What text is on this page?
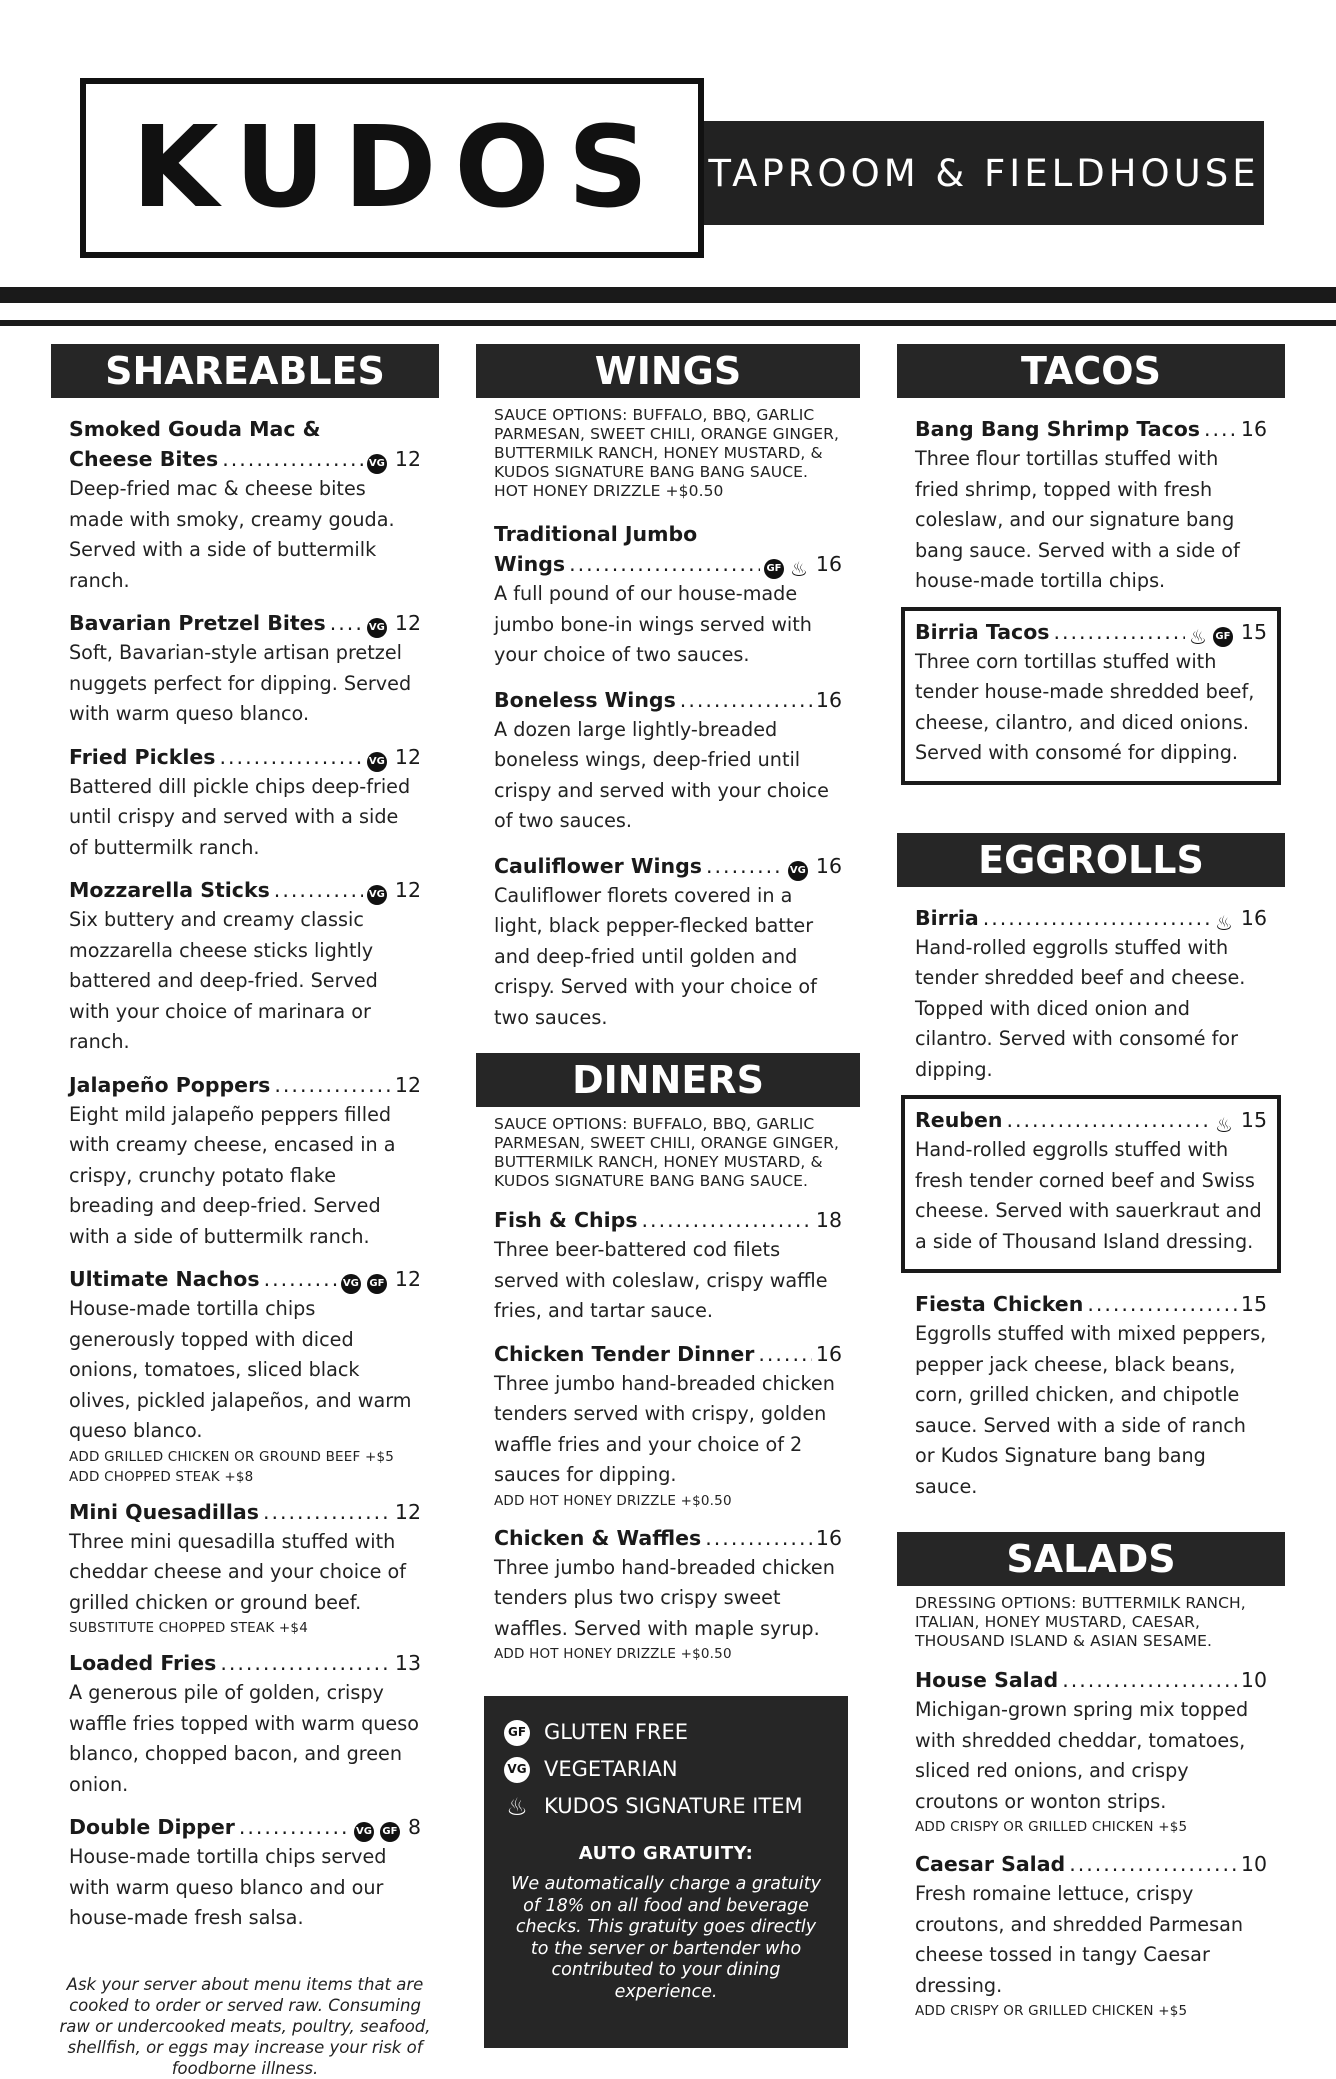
KUDOS TAPROOM & FIELDHOUSE
SHAREABLES
Smoked Gouda Mac &
Cheese Bites .....	VG 12
Deep-fried mac & cheese bites made with smoky, creamy gouda. Served with a side of buttermilk ranch.
Bavarian Pretzel Bites .....	VG 12
Soft, Bavarian-style artisan pretzel nuggets perfect for dipping. Served with warm queso blanco.
Fried Pickles .....	VG 12
Battered dill pickle chips deep-fried until crispy and served with a side of buttermilk ranch.
Mozzarella Sticks .....	VG 12
Six buttery and creamy classic mozzarella cheese sticks lightly battered and deep-fried. Served with your choice of marinara or ranch.
Jalapeño Poppers .....	12
Eight mild jalapeño peppers filled with creamy cheese, encased in a crispy, crunchy potato flake breading and deep-fried. Served with a side of buttermilk ranch.
Ultimate Nachos .....	VG GF 12
House-made tortilla chips generously topped with diced onions, tomatoes, sliced black olives, pickled jalapeños, and warm queso blanco.
ADD GRILLED CHICKEN OR GROUND BEEF +$5
ADD CHOPPED STEAK +$8
Mini Quesadillas .....	12
Three mini quesadilla stuffed with cheddar cheese and your choice of grilled chicken or ground beef.
SUBSTITUTE CHOPPED STEAK +$4
Loaded Fries .....	13
A generous pile of golden, crispy waffle fries topped with warm queso blanco, chopped bacon, and green onion.
Double Dipper .....	VG GF 8
House-made tortilla chips served with warm queso blanco and our house-made fresh salsa.
Ask your server about menu items that are cooked to order or served raw. Consuming raw or undercooked meats, poultry, seafood, shellfish, or eggs may increase your risk of foodborne illness.
WINGS
SAUCE OPTIONS: BUFFALO, BBQ, GARLIC PARMESAN, SWEET CHILI, ORANGE GINGER, BUTTERMILK RANCH, HONEY MUSTARD, & KUDOS SIGNATURE BANG BANG SAUCE.
HOT HONEY DRIZZLE +$0.50
Traditional Jumbo
Wings .....	GF ♨ 16
A full pound of our house-made jumbo bone-in wings served with your choice of two sauces.
Boneless Wings .....	16
A dozen large lightly-breaded boneless wings, deep-fried until crispy and served with your choice of two sauces.
Cauliflower Wings .....	VG 16
Cauliflower florets covered in a light, black pepper-flecked batter and deep-fried until golden and crispy. Served with your choice of two sauces.
DINNERS
SAUCE OPTIONS: BUFFALO, BBQ, GARLIC PARMESAN, SWEET CHILI, ORANGE GINGER, BUTTERMILK RANCH, HONEY MUSTARD, & KUDOS SIGNATURE BANG BANG SAUCE.
Fish & Chips .....	18
Three beer-battered cod filets served with coleslaw, crispy waffle fries, and tartar sauce.
Chicken Tender Dinner .....	16
Three jumbo hand-breaded chicken tenders served with crispy, golden waffle fries and your choice of 2 sauces for dipping.
ADD HOT HONEY DRIZZLE +$0.50
Chicken & Waffles .....	16
Three jumbo hand-breaded chicken tenders plus two crispy sweet waffles. Served with maple syrup.
ADD HOT HONEY DRIZZLE +$0.50
GF GLUTEN FREE
VG VEGETARIAN
♨ KUDOS SIGNATURE ITEM
AUTO GRATUITY:
We automatically charge a gratuity of 18% on all food and beverage checks. This gratuity goes directly to the server or bartender who contributed to your dining experience.
TACOS
Bang Bang Shrimp Tacos ..... 16
Three flour tortillas stuffed with fried shrimp, topped with fresh coleslaw, and our signature bang bang sauce. Served with a side of house-made tortilla chips.
Birria Tacos .....	♨ GF 15
Three corn tortillas stuffed with tender house-made shredded beef, cheese, cilantro, and diced onions. Served with consomé for dipping.
EGGROLLS
Birria .....	♨ 16
Hand-rolled eggrolls stuffed with tender shredded beef and cheese. Topped with diced onion and cilantro. Served with consomé for dipping.
Reuben .....	♨ 15
Hand-rolled eggrolls stuffed with fresh tender corned beef and Swiss cheese. Served with sauerkraut and a side of Thousand Island dressing.
Fiesta Chicken .....	15
Eggrolls stuffed with mixed peppers, pepper jack cheese, black beans, corn, grilled chicken, and chipotle sauce. Served with a side of ranch or Kudos Signature bang bang sauce.
SALADS
DRESSING OPTIONS: BUTTERMILK RANCH, ITALIAN, HONEY MUSTARD, CAESAR, THOUSAND ISLAND & ASIAN SESAME.
House Salad .....	10
Michigan-grown spring mix topped with shredded cheddar, tomatoes, sliced red onions, and crispy croutons or wonton strips.
ADD CRISPY OR GRILLED CHICKEN +$5
Caesar Salad .....	10
Fresh romaine lettuce, crispy croutons, and shredded Parmesan cheese tossed in tangy Caesar dressing.
ADD CRISPY OR GRILLED CHICKEN +$5
